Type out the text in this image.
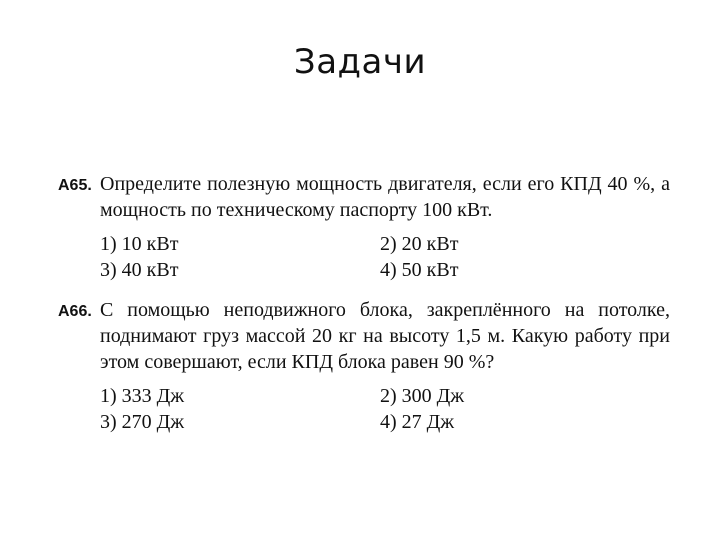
Задачи
А65. Определите полезную мощность двигателя, если его КПД 40 %, а мощность по техническому паспорту 100 кВт.
1) 10 кВт	2) 20 кВт
3) 40 кВт	4) 50 кВт
А66. С помощью неподвижного блока, закреплённого на потолке, поднимают груз массой 20 кг на высоту 1,5 м. Какую работу при этом совершают, если КПД блока равен 90 %?
1) 333 Дж	2) 300 Дж
3) 270 Дж	4) 27 Дж
